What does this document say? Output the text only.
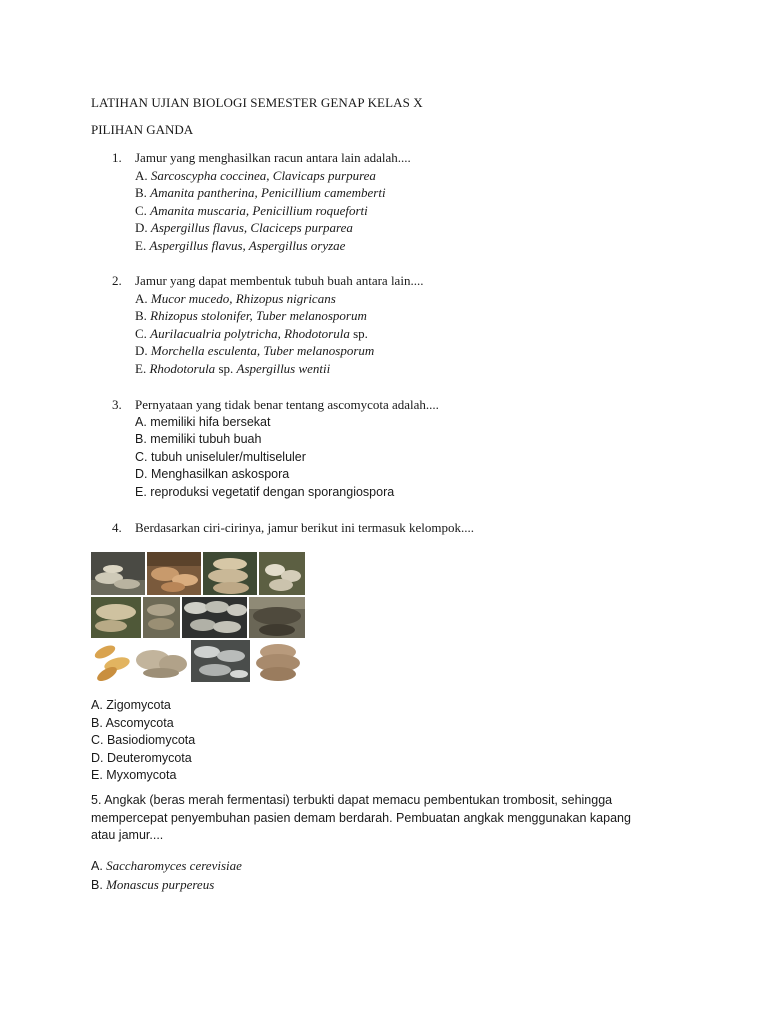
LATIHAN UJIAN BIOLOGI SEMESTER GENAP KELAS X
PILIHAN GANDA
1.	Jamur yang menghasilkan racun antara lain adalah....
A. Sarcoscypha coccinea, Clavicaps purpurea
B. Amanita pantherina, Penicillium camemberti
C. Amanita muscaria, Penicillium roqueforti
D. Aspergillus flavus, Claciceps purparea
E. Aspergillus flavus, Aspergillus oryzae
2.	Jamur yang dapat membentuk tubuh buah antara lain....
A. Mucor mucedo, Rhizopus nigricans
B. Rhizopus stolonifer, Tuber melanosporum
C. Aurilacualria polytricha, Rhodotorula sp.
D. Morchella esculenta, Tuber melanosporum
E. Rhodotorula sp. Aspergillus wentii
3.	Pernyataan yang tidak benar tentang ascomycota adalah....
A. memiliki hifa bersekat
B. memiliki tubuh buah
C. tubuh uniseluler/multiseluler
D. Menghasilkan askospora
E. reproduksi vegetatif dengan sporangiospora
4.	Berdasarkan ciri-cirinya, jamur berikut ini termasuk kelompok....
A. Zigomycota
B. Ascomycota
C. Basiodiomycota
D. Deuteromycota
E. Myxomycota
5. Angkak (beras merah fermentasi) terbukti dapat memacu pembentukan trombosit, sehingga mempercepat penyembuhan pasien demam berdarah. Pembuatan angkak menggunakan kapang atau jamur....
A. Saccharomyces cerevisiae
B. Monascus purpereus
